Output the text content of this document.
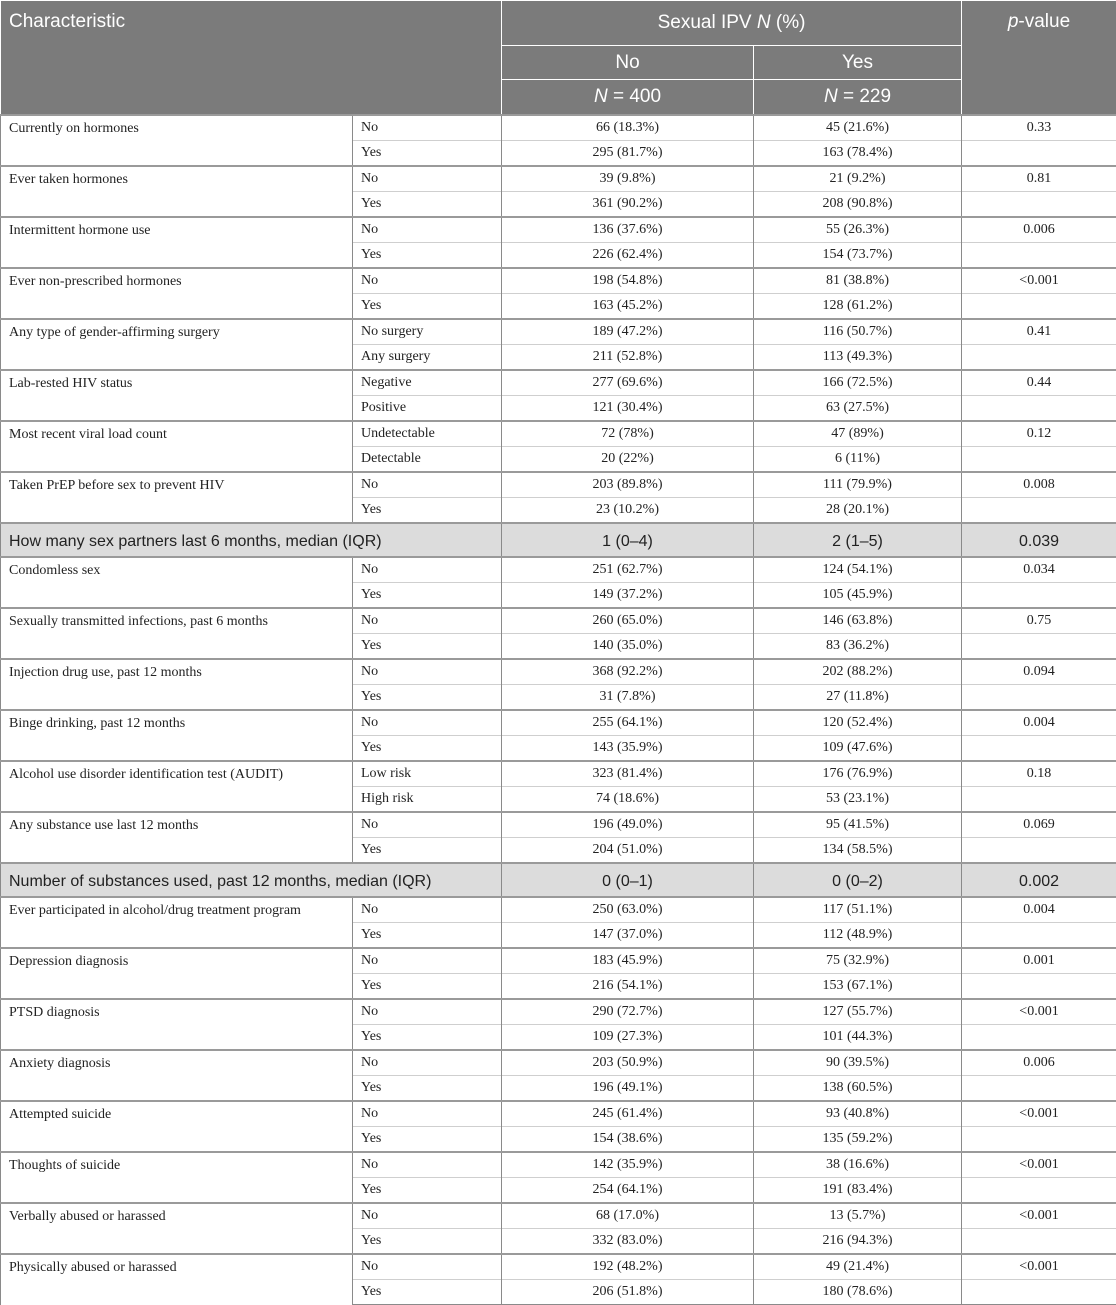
Characteristic		Sexual IPV N (%)		p-value
		No	Yes	
		N = 400	N = 229	
Currently on hormones	No	66 (18.3%)	45 (21.6%)	0.33
	Yes	295 (81.7%)	163 (78.4%)	
Ever taken hormones	No	39 (9.8%)	21 (9.2%)	0.81
	Yes	361 (90.2%)	208 (90.8%)	
Intermittent hormone use	No	136 (37.6%)	55 (26.3%)	0.006
	Yes	226 (62.4%)	154 (73.7%)	
Ever non-prescribed hormones	No	198 (54.8%)	81 (38.8%)	<0.001
	Yes	163 (45.2%)	128 (61.2%)	
Any type of gender-affirming surgery	No surgery	189 (47.2%)	116 (50.7%)	0.41
	Any surgery	211 (52.8%)	113 (49.3%)	
Lab-rested HIV status	Negative	277 (69.6%)	166 (72.5%)	0.44
	Positive	121 (30.4%)	63 (27.5%)	
Most recent viral load count	Undetectable	72 (78%)	47 (89%)	0.12
	Detectable	20 (22%)	6 (11%)	
Taken PrEP before sex to prevent HIV	No	203 (89.8%)	111 (79.9%)	0.008
	Yes	23 (10.2%)	28 (20.1%)	
How many sex partners last 6 months, median (IQR)		1 (0–4)	2 (1–5)	0.039
Condomless sex	No	251 (62.7%)	124 (54.1%)	0.034
	Yes	149 (37.2%)	105 (45.9%)	
Sexually transmitted infections, past 6 months	No	260 (65.0%)	146 (63.8%)	0.75
	Yes	140 (35.0%)	83 (36.2%)	
Injection drug use, past 12 months	No	368 (92.2%)	202 (88.2%)	0.094
	Yes	31 (7.8%)	27 (11.8%)	
Binge drinking, past 12 months	No	255 (64.1%)	120 (52.4%)	0.004
	Yes	143 (35.9%)	109 (47.6%)	
Alcohol use disorder identification test (AUDIT)	Low risk	323 (81.4%)	176 (76.9%)	0.18
	High risk	74 (18.6%)	53 (23.1%)	
Any substance use last 12 months	No	196 (49.0%)	95 (41.5%)	0.069
	Yes	204 (51.0%)	134 (58.5%)	
Number of substances used, past 12 months, median (IQR)		0 (0–1)	0 (0–2)	0.002
Ever participated in alcohol/drug treatment program	No	250 (63.0%)	117 (51.1%)	0.004
	Yes	147 (37.0%)	112 (48.9%)	
Depression diagnosis	No	183 (45.9%)	75 (32.9%)	0.001
	Yes	216 (54.1%)	153 (67.1%)	
PTSD diagnosis	No	290 (72.7%)	127 (55.7%)	<0.001
	Yes	109 (27.3%)	101 (44.3%)	
Anxiety diagnosis	No	203 (50.9%)	90 (39.5%)	0.006
	Yes	196 (49.1%)	138 (60.5%)	
Attempted suicide	No	245 (61.4%)	93 (40.8%)	<0.001
	Yes	154 (38.6%)	135 (59.2%)	
Thoughts of suicide	No	142 (35.9%)	38 (16.6%)	<0.001
	Yes	254 (64.1%)	191 (83.4%)	
Verbally abused or harassed	No	68 (17.0%)	13 (5.7%)	<0.001
	Yes	332 (83.0%)	216 (94.3%)	
Physically abused or harassed	No	192 (48.2%)	49 (21.4%)	<0.001
	Yes	206 (51.8%)	180 (78.6%)	
